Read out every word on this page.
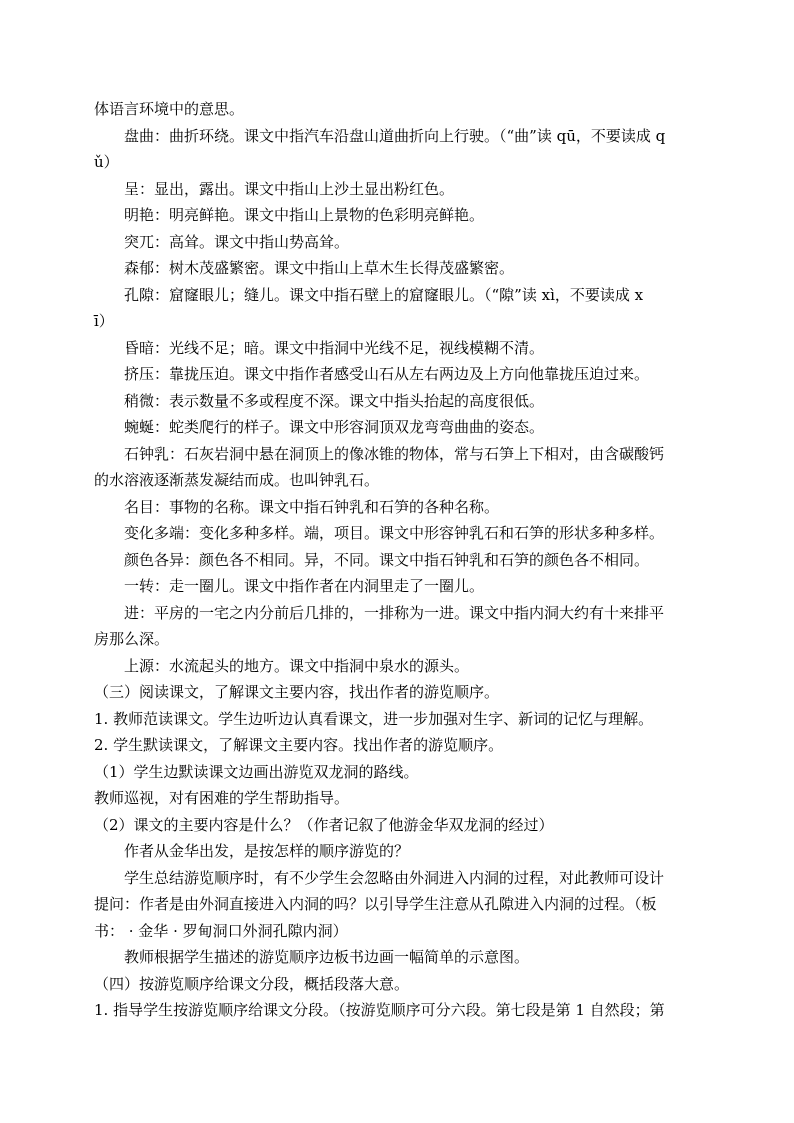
体语言环境中的意思。
盘曲：曲折环绕。课文中指汽车沿盘山道曲折向上行驶。（“曲”读 qū，不要读成 q
ǔ）
呈：显出，露出。课文中指山上沙土显出粉红色。
明艳：明亮鲜艳。课文中指山上景物的色彩明亮鲜艳。
突兀：高耸。课文中指山势高耸。
森郁：树木茂盛繁密。课文中指山上草木生长得茂盛繁密。
孔隙：窟窿眼儿；缝儿。课文中指石壁上的窟窿眼儿。（“隙”读 xì，不要读成 x
ī）
昏暗：光线不足；暗。课文中指洞中光线不足，视线模糊不清。
挤压：靠拢压迫。课文中指作者感受山石从左右两边及上方向他靠拢压迫过来。
稍微：表示数量不多或程度不深。课文中指头抬起的高度很低。
蜿蜒：蛇类爬行的样子。课文中形容洞顶双龙弯弯曲曲的姿态。
石钟乳：石灰岩洞中悬在洞顶上的像冰锥的物体，常与石笋上下相对，由含碳酸钙
的水溶液逐渐蒸发凝结而成。也叫钟乳石。
名目：事物的名称。课文中指石钟乳和石笋的各种名称。
变化多端：变化多种多样。端，项目。课文中形容钟乳石和石笋的形状多种多样。
颜色各异：颜色各不相同。异，不同。课文中指石钟乳和石笋的颜色各不相同。
一转：走一圈儿。课文中指作者在内洞里走了一圈儿。
进：平房的一宅之内分前后几排的，一排称为一进。课文中指内洞大约有十来排平
房那么深。
上源：水流起头的地方。课文中指洞中泉水的源头。
（三）阅读课文，了解课文主要内容，找出作者的游览顺序。
1. 教师范读课文。学生边听边认真看课文，进一步加强对生字、新词的记忆与理解。
2. 学生默读课文，了解课文主要内容。找出作者的游览顺序。
（1）学生边默读课文边画出游览双龙洞的路线。
教师巡视，对有困难的学生帮助指导。
（2）课文的主要内容是什么？（作者记叙了他游金华双龙洞的经过）
作者从金华出发，是按怎样的顺序游览的？
学生总结游览顺序时，有不少学生会忽略由外洞进入内洞的过程，对此教师可设计
提问：作者是由外洞直接进入内洞的吗？以引导学生注意从孔隙进入内洞的过程。（板
书： · 金华 · 罗甸洞口外洞孔隙内洞）
教师根据学生描述的游览顺序边板书边画一幅简单的示意图。
（四）按游览顺序给课文分段，概括段落大意。
1. 指导学生按游览顺序给课文分段。（按游览顺序可分六段。第七段是第 1 自然段；第
